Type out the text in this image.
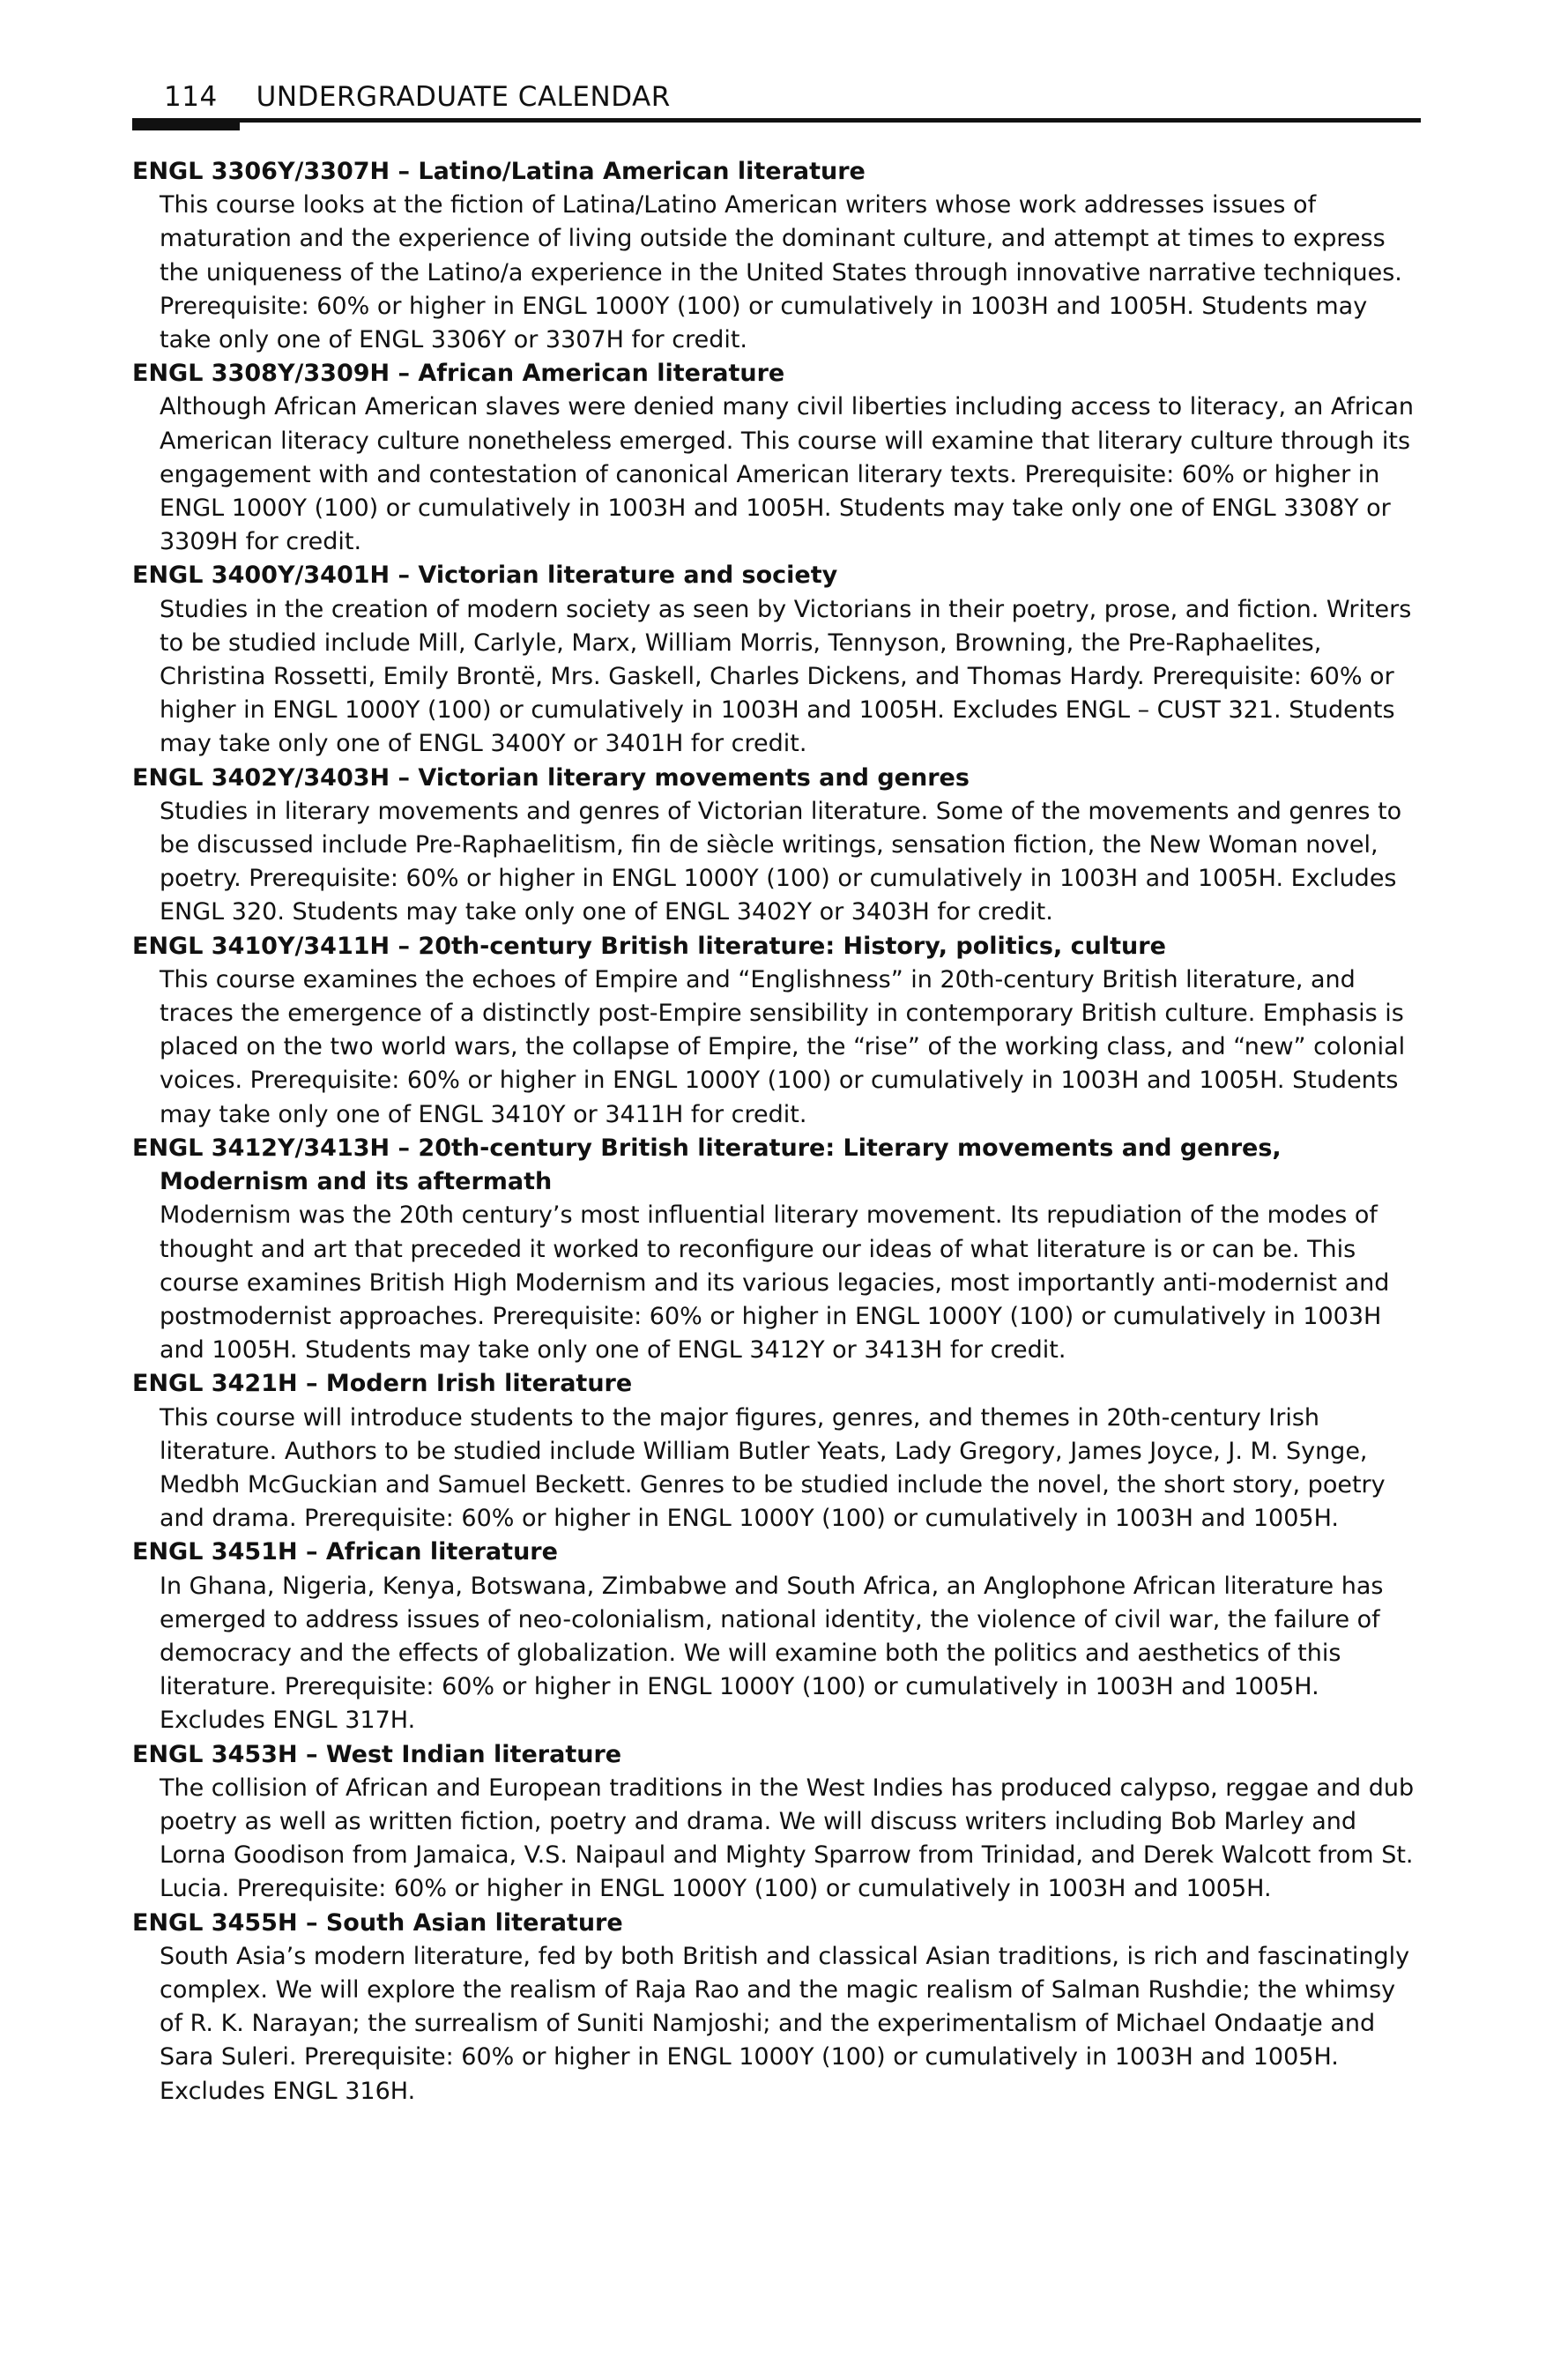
114 UNDERGRADUATE CALENDAR

ENGL 3306Y/3307H – Latino/Latina American literature

This course looks at the fiction of Latina/Latino American writers whose work addresses issues of maturation and the experience of living outside the dominant culture, and attempt at times to express the uniqueness of the Latino/a experience in the United States through innovative narrative techniques. Prerequisite: 60% or higher in ENGL 1000Y (100) or cumulatively in 1003H and 1005H. Students may take only one of ENGL 3306Y or 3307H for credit.

ENGL 3308Y/3309H – African American literature

Although African American slaves were denied many civil liberties including access to literacy, an African American literacy culture nonetheless emerged. This course will examine that literary culture through its engagement with and contestation of canonical American literary texts. Prerequisite: 60% or higher in ENGL 1000Y (100) or cumulatively in 1003H and 1005H. Students may take only one of ENGL 3308Y or 3309H for credit.

ENGL 3400Y/3401H – Victorian literature and society

Studies in the creation of modern society as seen by Victorians in their poetry, prose, and fiction. Writers to be studied include Mill, Carlyle, Marx, William Morris, Tennyson, Browning, the Pre-Raphaelites, Christina Rossetti, Emily Brontë, Mrs. Gaskell, Charles Dickens, and Thomas Hardy. Prerequisite: 60% or higher in ENGL 1000Y (100) or cumulatively in 1003H and 1005H. Excludes ENGL – CUST 321. Students may take only one of ENGL 3400Y or 3401H for credit.

ENGL 3402Y/3403H – Victorian literary movements and genres

Studies in literary movements and genres of Victorian literature. Some of the movements and genres to be discussed include Pre-Raphaelitism, fin de siècle writings, sensation fiction, the New Woman novel, poetry. Prerequisite: 60% or higher in ENGL 1000Y (100) or cumulatively in 1003H and 1005H. Excludes ENGL 320. Students may take only one of ENGL 3402Y or 3403H for credit.

ENGL 3410Y/3411H – 20th-century British literature: History, politics, culture

This course examines the echoes of Empire and “Englishness” in 20th-century British literature, and traces the emergence of a distinctly post-Empire sensibility in contemporary British culture. Emphasis is placed on the two world wars, the collapse of Empire, the “rise” of the working class, and “new” colonial voices. Prerequisite: 60% or higher in ENGL 1000Y (100) or cumulatively in 1003H and 1005H. Students may take only one of ENGL 3410Y or 3411H for credit.

ENGL 3412Y/3413H – 20th-century British literature: Literary movements and genres, Modernism and its aftermath

Modernism was the 20th century’s most influential literary movement. Its repudiation of the modes of thought and art that preceded it worked to reconfigure our ideas of what literature is or can be. This course examines British High Modernism and its various legacies, most importantly anti-modernist and postmodernist approaches. Prerequisite: 60% or higher in ENGL 1000Y (100) or cumulatively in 1003H and 1005H. Students may take only one of ENGL 3412Y or 3413H for credit.

ENGL 3421H – Modern Irish literature

This course will introduce students to the major figures, genres, and themes in 20th-century Irish literature. Authors to be studied include William Butler Yeats, Lady Gregory, James Joyce, J. M. Synge, Medbh McGuckian and Samuel Beckett. Genres to be studied include the novel, the short story, poetry and drama. Prerequisite: 60% or higher in ENGL 1000Y (100) or cumulatively in 1003H and 1005H.

ENGL 3451H – African literature

In Ghana, Nigeria, Kenya, Botswana, Zimbabwe and South Africa, an Anglophone African literature has emerged to address issues of neo-colonialism, national identity, the violence of civil war, the failure of democracy and the effects of globalization. We will examine both the politics and aesthetics of this literature. Prerequisite: 60% or higher in ENGL 1000Y (100) or cumulatively in 1003H and 1005H. Excludes ENGL 317H.

ENGL 3453H – West Indian literature

The collision of African and European traditions in the West Indies has produced calypso, reggae and dub poetry as well as written fiction, poetry and drama. We will discuss writers including Bob Marley and Lorna Goodison from Jamaica, V.S. Naipaul and Mighty Sparrow from Trinidad, and Derek Walcott from St. Lucia. Prerequisite: 60% or higher in ENGL 1000Y (100) or cumulatively in 1003H and 1005H.

ENGL 3455H – South Asian literature

South Asia’s modern literature, fed by both British and classical Asian traditions, is rich and fascinatingly complex. We will explore the realism of Raja Rao and the magic realism of Salman Rushdie; the whimsy of R. K. Narayan; the surrealism of Suniti Namjoshi; and the experimentalism of Michael Ondaatje and Sara Suleri. Prerequisite: 60% or higher in ENGL 1000Y (100) or cumulatively in 1003H and 1005H. Excludes ENGL 316H.
